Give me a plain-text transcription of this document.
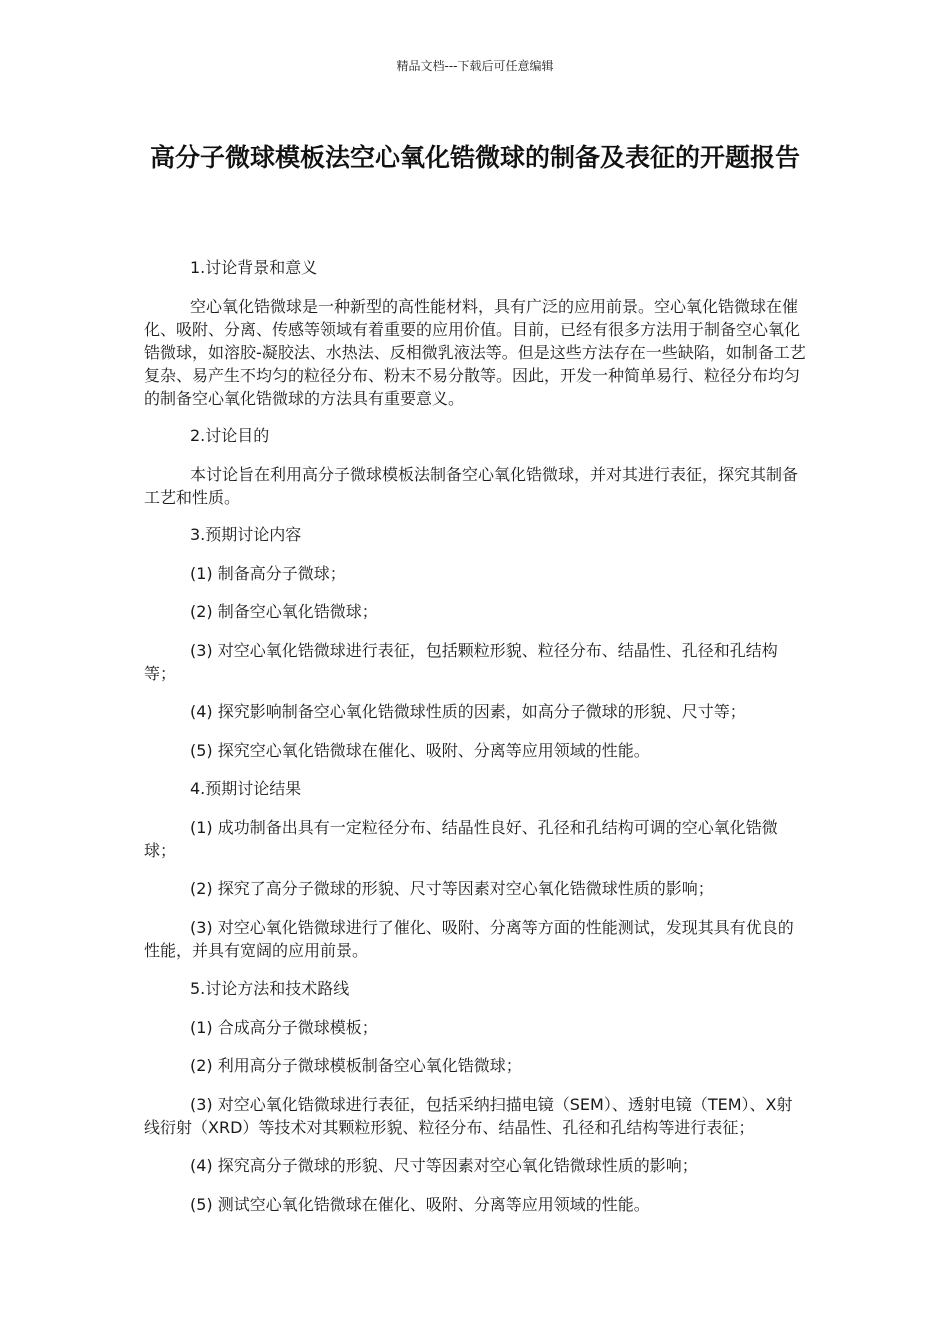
精品文档---下载后可任意编辑
高分子微球模板法空心氧化锆微球的制备及表征的开题报告

1.讨论背景和意义

空心氧化锆微球是一种新型的高性能材料，具有广泛的应用前景。空心氧化锆微球在催化、吸附、分离、传感等领域有着重要的应用价值。目前，已经有很多方法用于制备空心氧化锆微球，如溶胶-凝胶法、水热法、反相微乳液法等。但是这些方法存在一些缺陷，如制备工艺复杂、易产生不均匀的粒径分布、粉末不易分散等。因此，开发一种简单易行、粒径分布均匀的制备空心氧化锆微球的方法具有重要意义。

2.讨论目的

本讨论旨在利用高分子微球模板法制备空心氧化锆微球，并对其进行表征，探究其制备工艺和性质。

3.预期讨论内容

(1) 制备高分子微球；

(2) 制备空心氧化锆微球；

(3) 对空心氧化锆微球进行表征，包括颗粒形貌、粒径分布、结晶性、孔径和孔结构等；

(4) 探究影响制备空心氧化锆微球性质的因素，如高分子微球的形貌、尺寸等；

(5) 探究空心氧化锆微球在催化、吸附、分离等应用领域的性能。

4.预期讨论结果

(1) 成功制备出具有一定粒径分布、结晶性良好、孔径和孔结构可调的空心氧化锆微球；

(2) 探究了高分子微球的形貌、尺寸等因素对空心氧化锆微球性质的影响；

(3) 对空心氧化锆微球进行了催化、吸附、分离等方面的性能测试，发现其具有优良的性能，并具有宽阔的应用前景。

5.讨论方法和技术路线

(1) 合成高分子微球模板；

(2) 利用高分子微球模板制备空心氧化锆微球；

(3) 对空心氧化锆微球进行表征，包括采纳扫描电镜（SEM）、透射电镜（TEM）、X射线衍射（XRD）等技术对其颗粒形貌、粒径分布、结晶性、孔径和孔结构等进行表征；

(4) 探究高分子微球的形貌、尺寸等因素对空心氧化锆微球性质的影响；

(5) 测试空心氧化锆微球在催化、吸附、分离等应用领域的性能。
